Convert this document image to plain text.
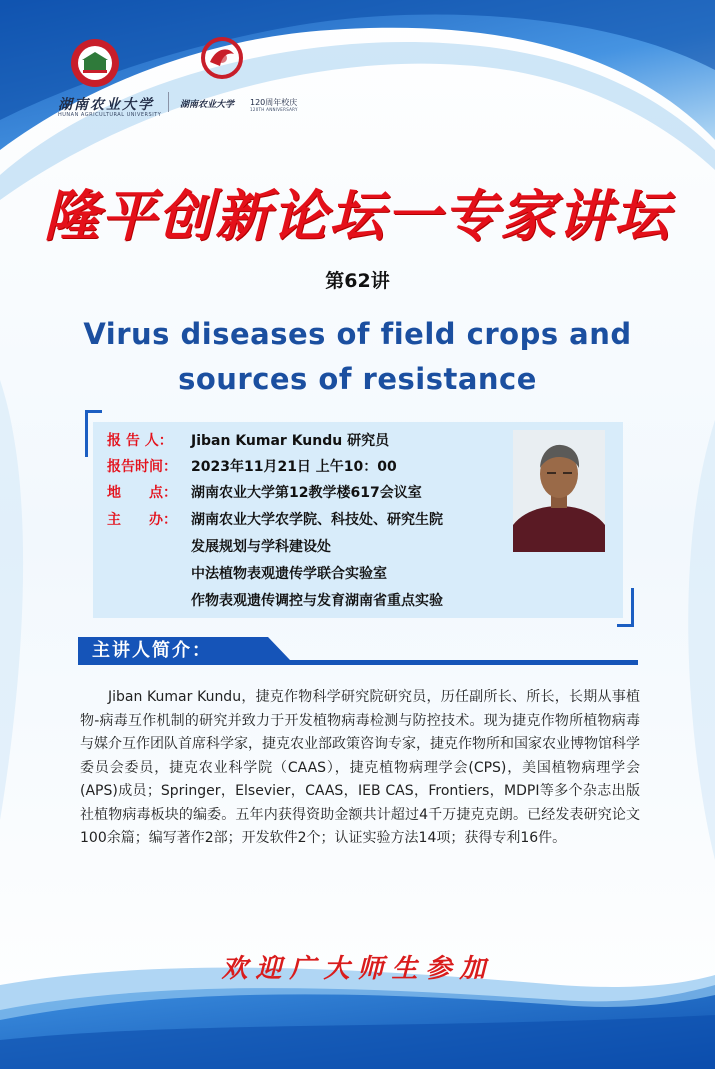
湖南农业大学
HUNAN AGRICULTURAL UNIVERSITY
湖南农业大学 120周年校庆
120TH ANNIVERSARY
隆平创新论坛一专家讲坛
第62讲
Virus diseases of field crops and
sources of resistance
报 告 人： Jiban Kumar Kundu 研究员
报告时间： 2023年11月21日 上午10：00
地　　点： 湖南农业大学第12教学楼617会议室
主　　办： 湖南农业大学农学院、科技处、研究生院
发展规划与学科建设处
中法植物表观遗传学联合实验室
作物表观遗传调控与发育湖南省重点实验
主讲人简介：
Jiban Kumar Kundu，捷克作物科学研究院研究员，历任副所长、所长，长期从事植物-病毒互作机制的研究并致力于开发植物病毒检测与防控技术。现为捷克作物所植物病毒与媒介互作团队首席科学家，捷克农业部政策咨询专家，捷克作物所和国家农业博物馆科学委员会委员，捷克农业科学院（CAAS），捷克植物病理学会(CPS)，美国植物病理学会(APS)成员；Springer，Elsevier，CAAS，IEB CAS，Frontiers，MDPI等多个杂志出版社植物病毒板块的编委。五年内获得资助金额共计超过4千万捷克克朗。已经发表研究论文100余篇；编写著作2部；开发软件2个；认证实验方法14项；获得专利16件。
欢迎广大师生参加
